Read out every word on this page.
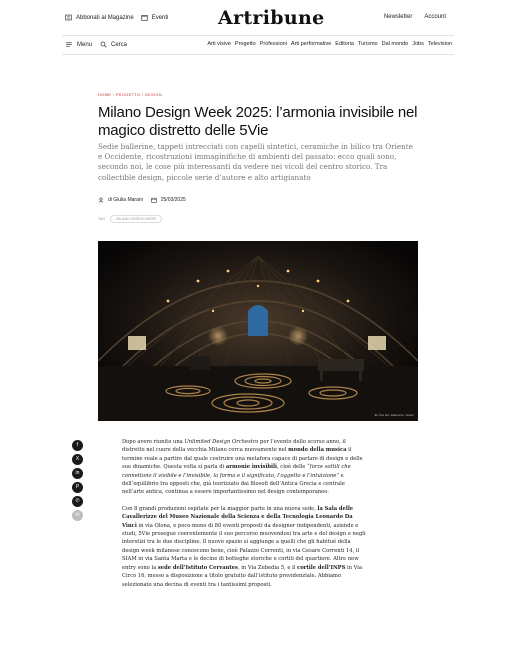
Abbonati al Magazine	Eventi	Artribune	Newsletter Account
Menu	Cerca	Arti visive Progetto Professioni Arti performative Editoria Turismo Dal mondo Jobs Television
HOME › PROGETTO › DESIGN
Milano Design Week 2025: l’armonia invisibile nel magico distretto delle 5Vie
Sedie ballerine, tappeti intrecciati con capelli sintetici, ceramiche in bilico tra Oriente e Occidente, ricostruzioni immaginifiche di ambienti del passato: ecco quali sono, secondo noi, le cose più interessanti da vedere nei vicoli del centro storico. Tra collectible design, piccole serie d’autore e alto artigianato
di Giulia Marani	25/03/2025
TAG	MILANO DESIGN WEEK
Ex Vos Ids, Altamente, Vester
f
X
in
P
✆
✉

Dopo avere riunito una Unlimited Design Orchestra per l’evento dello scorso anno, il distretto nel cuore della vecchia Milano cerca nuovamente nel mondo della musica il termine reale a partire dal quale costruire una metafora capace di parlare di design e delle sue dinamiche. Questa volta si parla di armonie invisibili, cioè delle “forze sottili che connettono il visibile e l’invisibile, la forma e il significato, l’oggetto e l’intuizione” e dell’equilibrio tra opposti che, già teorizzato dai filosofi dell’Antica Grecia e centrale nell’arte antica, continua a essere importantissimo nel design contemporaneo.

Con 8 grandi produzioni ospitate per la maggior parte in una nuova sede, la Sala delle Cavallerizze del Museo Nazionale della Scienza e della Tecnologia Leonardo Da Vinci in via Olona, e poco meno di 80 eventi proposti da designer indipendenti, aziende e studi, 5Vie prosegue coerentemente il suo percorso muovendosi tra arte e del design e negli interstizi tra le due discipline. Il nuovo spazio si aggiunge a quelli che gli habitué della design week milanese conoscono bene, cioè Palazzo Correnti, in via Cesare Correnti 14, il SIAM in via Santa Marta e le decine di botteghe storiche e cortili del quartiere. Altre new entry sono la sede dell’Istituto Cervantes, in Via Zebedia 5, e il cortile dell’INPS in Via Circo 16, messo a disposizione a titolo gratuito dall’istituto previdenziale. Abbiamo selezionato una decina di eventi tra i tantissimi proposti.
